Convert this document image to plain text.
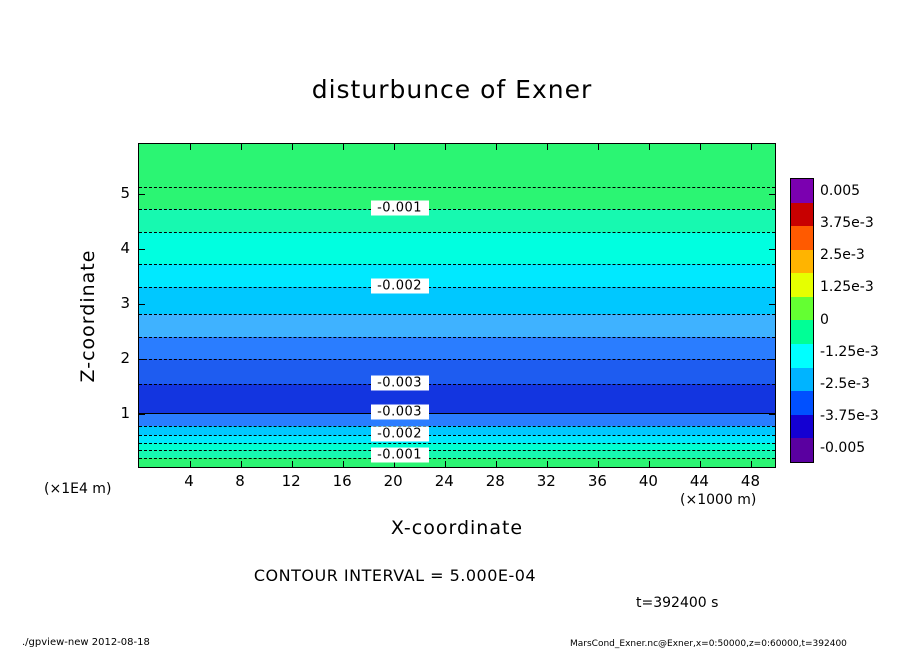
disturbunce of Exner
-0.001
-0.002
-0.003
-0.003
-0.002
-0.001
4	8 12 16 20 24 28 32 36 40 44 48
1
2
3
4
5
Z-coordinate
X-coordinate
(×1000 m)
(×1E4 m)
CONTOUR INTERVAL = 5.000E-04
t=392400 s
0.005
3.75e-3
2.5e-3
1.25e-3
0
-1.25e-3
-2.5e-3
-3.75e-3
-0.005
./gpview-new 2012-08-18	MarsCond_Exner.nc@Exner,x=0:50000,z=0:60000,t=392400
